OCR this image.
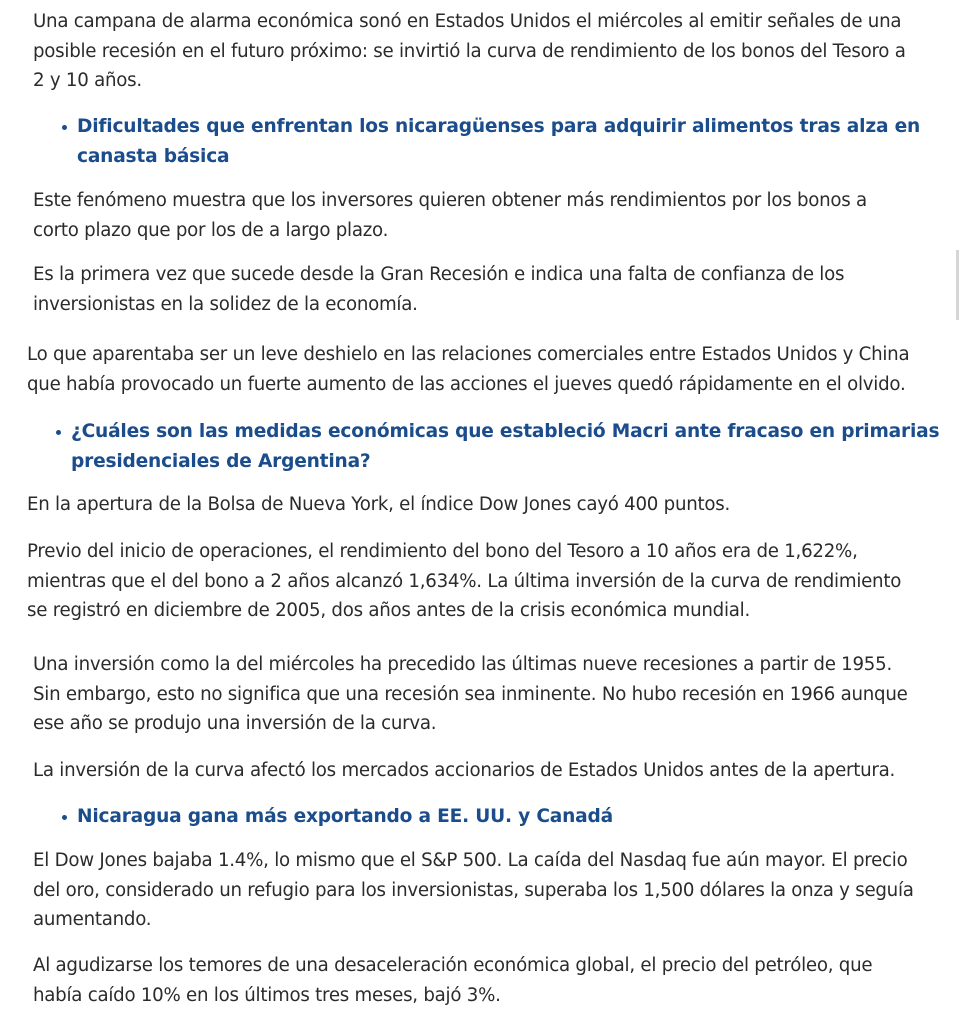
Una campana de alarma económica sonó en Estados Unidos el miércoles al emitir señales de una
posible recesión en el futuro próximo: se invirtió la curva de rendimiento de los bonos del Tesoro a
2 y 10 años.

Dificultades que enfrentan los nicaragüenses para adquirir alimentos tras alza en
canasta básica

Este fenómeno muestra que los inversores quieren obtener más rendimientos por los bonos a
corto plazo que por los de a largo plazo.

Es la primera vez que sucede desde la Gran Recesión e indica una falta de confianza de los
inversionistas en la solidez de la economía.

Lo que aparentaba ser un leve deshielo en las relaciones comerciales entre Estados Unidos y China
que había provocado un fuerte aumento de las acciones el jueves quedó rápidamente en el olvido.

¿Cuáles son las medidas económicas que estableció Macri ante fracaso en primarias
presidenciales de Argentina?

En la apertura de la Bolsa de Nueva York, el índice Dow Jones cayó 400 puntos.

Previo del inicio de operaciones, el rendimiento del bono del Tesoro a 10 años era de 1,622%,
mientras que el del bono a 2 años alcanzó 1,634%. La última inversión de la curva de rendimiento
se registró en diciembre de 2005, dos años antes de la crisis económica mundial.

Una inversión como la del miércoles ha precedido las últimas nueve recesiones a partir de 1955.
Sin embargo, esto no significa que una recesión sea inminente. No hubo recesión en 1966 aunque
ese año se produjo una inversión de la curva.

La inversión de la curva afectó los mercados accionarios de Estados Unidos antes de la apertura.

Nicaragua gana más exportando a EE. UU. y Canadá

El Dow Jones bajaba 1.4%, lo mismo que el S&P 500. La caída del Nasdaq fue aún mayor. El precio
del oro, considerado un refugio para los inversionistas, superaba los 1,500 dólares la onza y seguía
aumentando.

Al agudizarse los temores de una desaceleración económica global, el precio del petróleo, que
había caído 10% en los últimos tres meses, bajó 3%.
